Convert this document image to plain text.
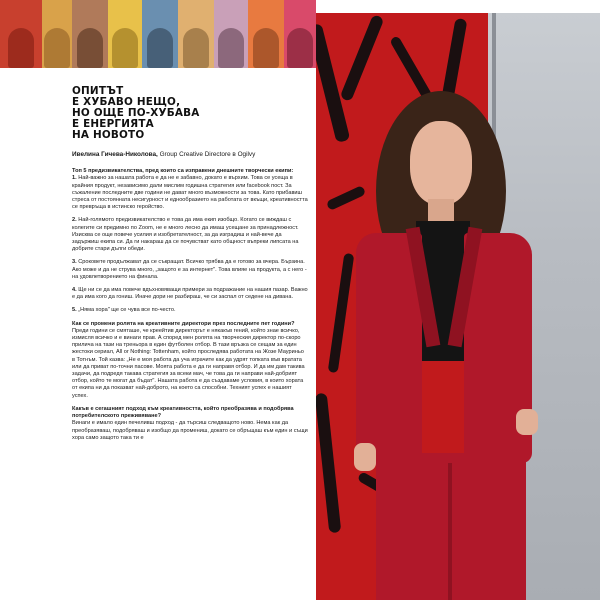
ОПИТЪТ
Е ХУБАВО НЕЩО,
НО ОЩЕ ПО-ХУБАВА
Е ЕНЕРГИЯТА
НА НОВОТО

Ивелина Гичева-Николова, Group Creative Directore в Ogilvy

Топ 5 предизвикателства, пред които са изправени днешните творчески екипи:

1. Най-важно за нашата работа е да не е забавно, докато е върхим. Това се усеща в крайния продукт, независимо дали мислим годишна стратегия или facebook пост. За съжаление последните две години не дават много възможности за това. Като прибавиш стреса от постоянната несигурност и еднообразието на работата от вкъщи, креативността се превръща в истинско геройство.

2. Най-голямото предизвикателство е това да има екип изобщо. Когато се виждаш с колегите си предимно по Zoom, не е много лесно да имаш усещане за принадлежност. Изисква се още повече усилия и изобретателност, за да изградиш и най-вече да задържиш екипа си. Да ги накараш да се почувстват като общност въпреки липсата на добрите стари дълги обеди.

3. Сроковете продължават да се съкращат. Всичко трябва да е готово за вчера. Бързина. Ако може и да не струва много, „защото е за интернет". Това влияе на продукта, а с него - на удовлетворението на финала.

4. Ще ни се да има повече вдъхновяващи примери за подражание на нашия пазар. Важно е да има кого да гониш. Иначе дори не разбираш, че си заспал от седене на дивана.

5. „Няма хора" ще се чува все по-често.

Как се промени ролята на креативните директори през последните пет години?

Преди години се смяташе, че креейтив директорът е някакъв гений, който знае всичко, измисля всичко и е винаги прав. А според мен ролята на творческия директор по-скоро прилича на тази на треньора в един футболен отбор. В тази връзка се сещам за един жестоки сериал, All or Nothing: Tottenham, който проследява работата на Жозе Мауриньо в Тотнъм. Той казва: „Не е моя работа да уча играчите как да удрят топката във вратата или да приват по-точни пасове. Моята работа е да ги направя отбор. И да им дам такива задачи, да подредя такава стратегия за всеки мач, че това да ги направи най-добрият отбор, който те могат да бъдат". Нашата работа е да създаваме условия, в които хората от екипа ни да показват най-доброто, на което са способни. Техният успех е нашият успех.

Какъв е сегашният подход към креативността, който преобразява и подобрява потребителското преживяване?

Винаги е имало един печеливш подход - да търсиш следващото ново. Нема как да преобразяваш, подобряваш и изобщо да промениш, докато се обръщаш към един и същи хора само защото така ти е
